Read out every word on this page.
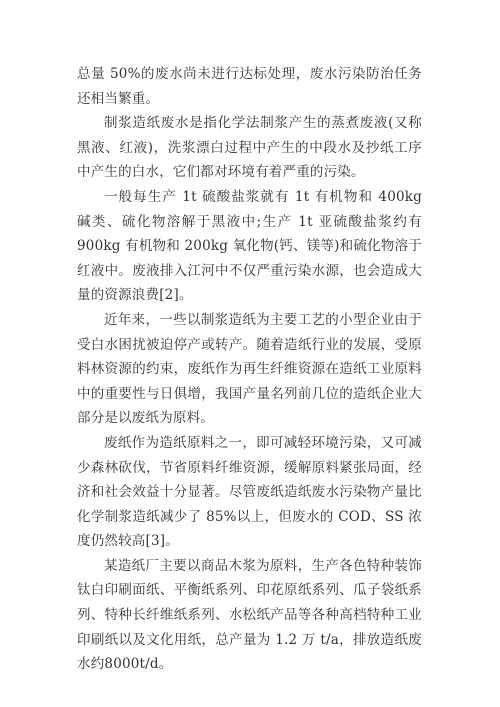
总量 50%的废水尚未进行达标处理，废水污染防治任务还相当繁重。

制浆造纸废水是指化学法制浆产生的蒸煮废液(又称黑液、红液)，洗浆漂白过程中产生的中段水及抄纸工序中产生的白水，它们都对环境有着严重的污染。

一般每生产 1t 硫酸盐浆就有 1t 有机物和 400kg 碱类、硫化物溶解于黑液中;生产 1t 亚硫酸盐浆约有 900kg 有机物和 200kg 氧化物(钙、镁等)和硫化物溶于红液中。废液排入江河中不仅严重污染水源，也会造成大量的资源浪费[2]。

近年来，一些以制浆造纸为主要工艺的小型企业由于受白水困扰被迫停产或转产。随着造纸行业的发展，受原料林资源的约束，废纸作为再生纤维资源在造纸工业原料中的重要性与日俱增，我国产量名列前几位的造纸企业大部分是以废纸为原料。

废纸作为造纸原料之一，即可减轻环境污染，又可减少森林砍伐，节省原料纤维资源，缓解原料紧张局面，经济和社会效益十分显著。尽管废纸造纸废水污染物产量比化学制浆造纸减少了 85%以上，但废水的 COD、SS 浓度仍然较高[3]。

某造纸厂主要以商品木浆为原料，生产各色特种装饰钛白印刷面纸、平衡纸系列、印花原纸系列、瓜子袋纸系列、特种长纤维纸系列、水松纸产品等各种高档特种工业印刷纸以及文化用纸，总产量为 1.2 万 t/a，排放造纸废水约8000t/d。
